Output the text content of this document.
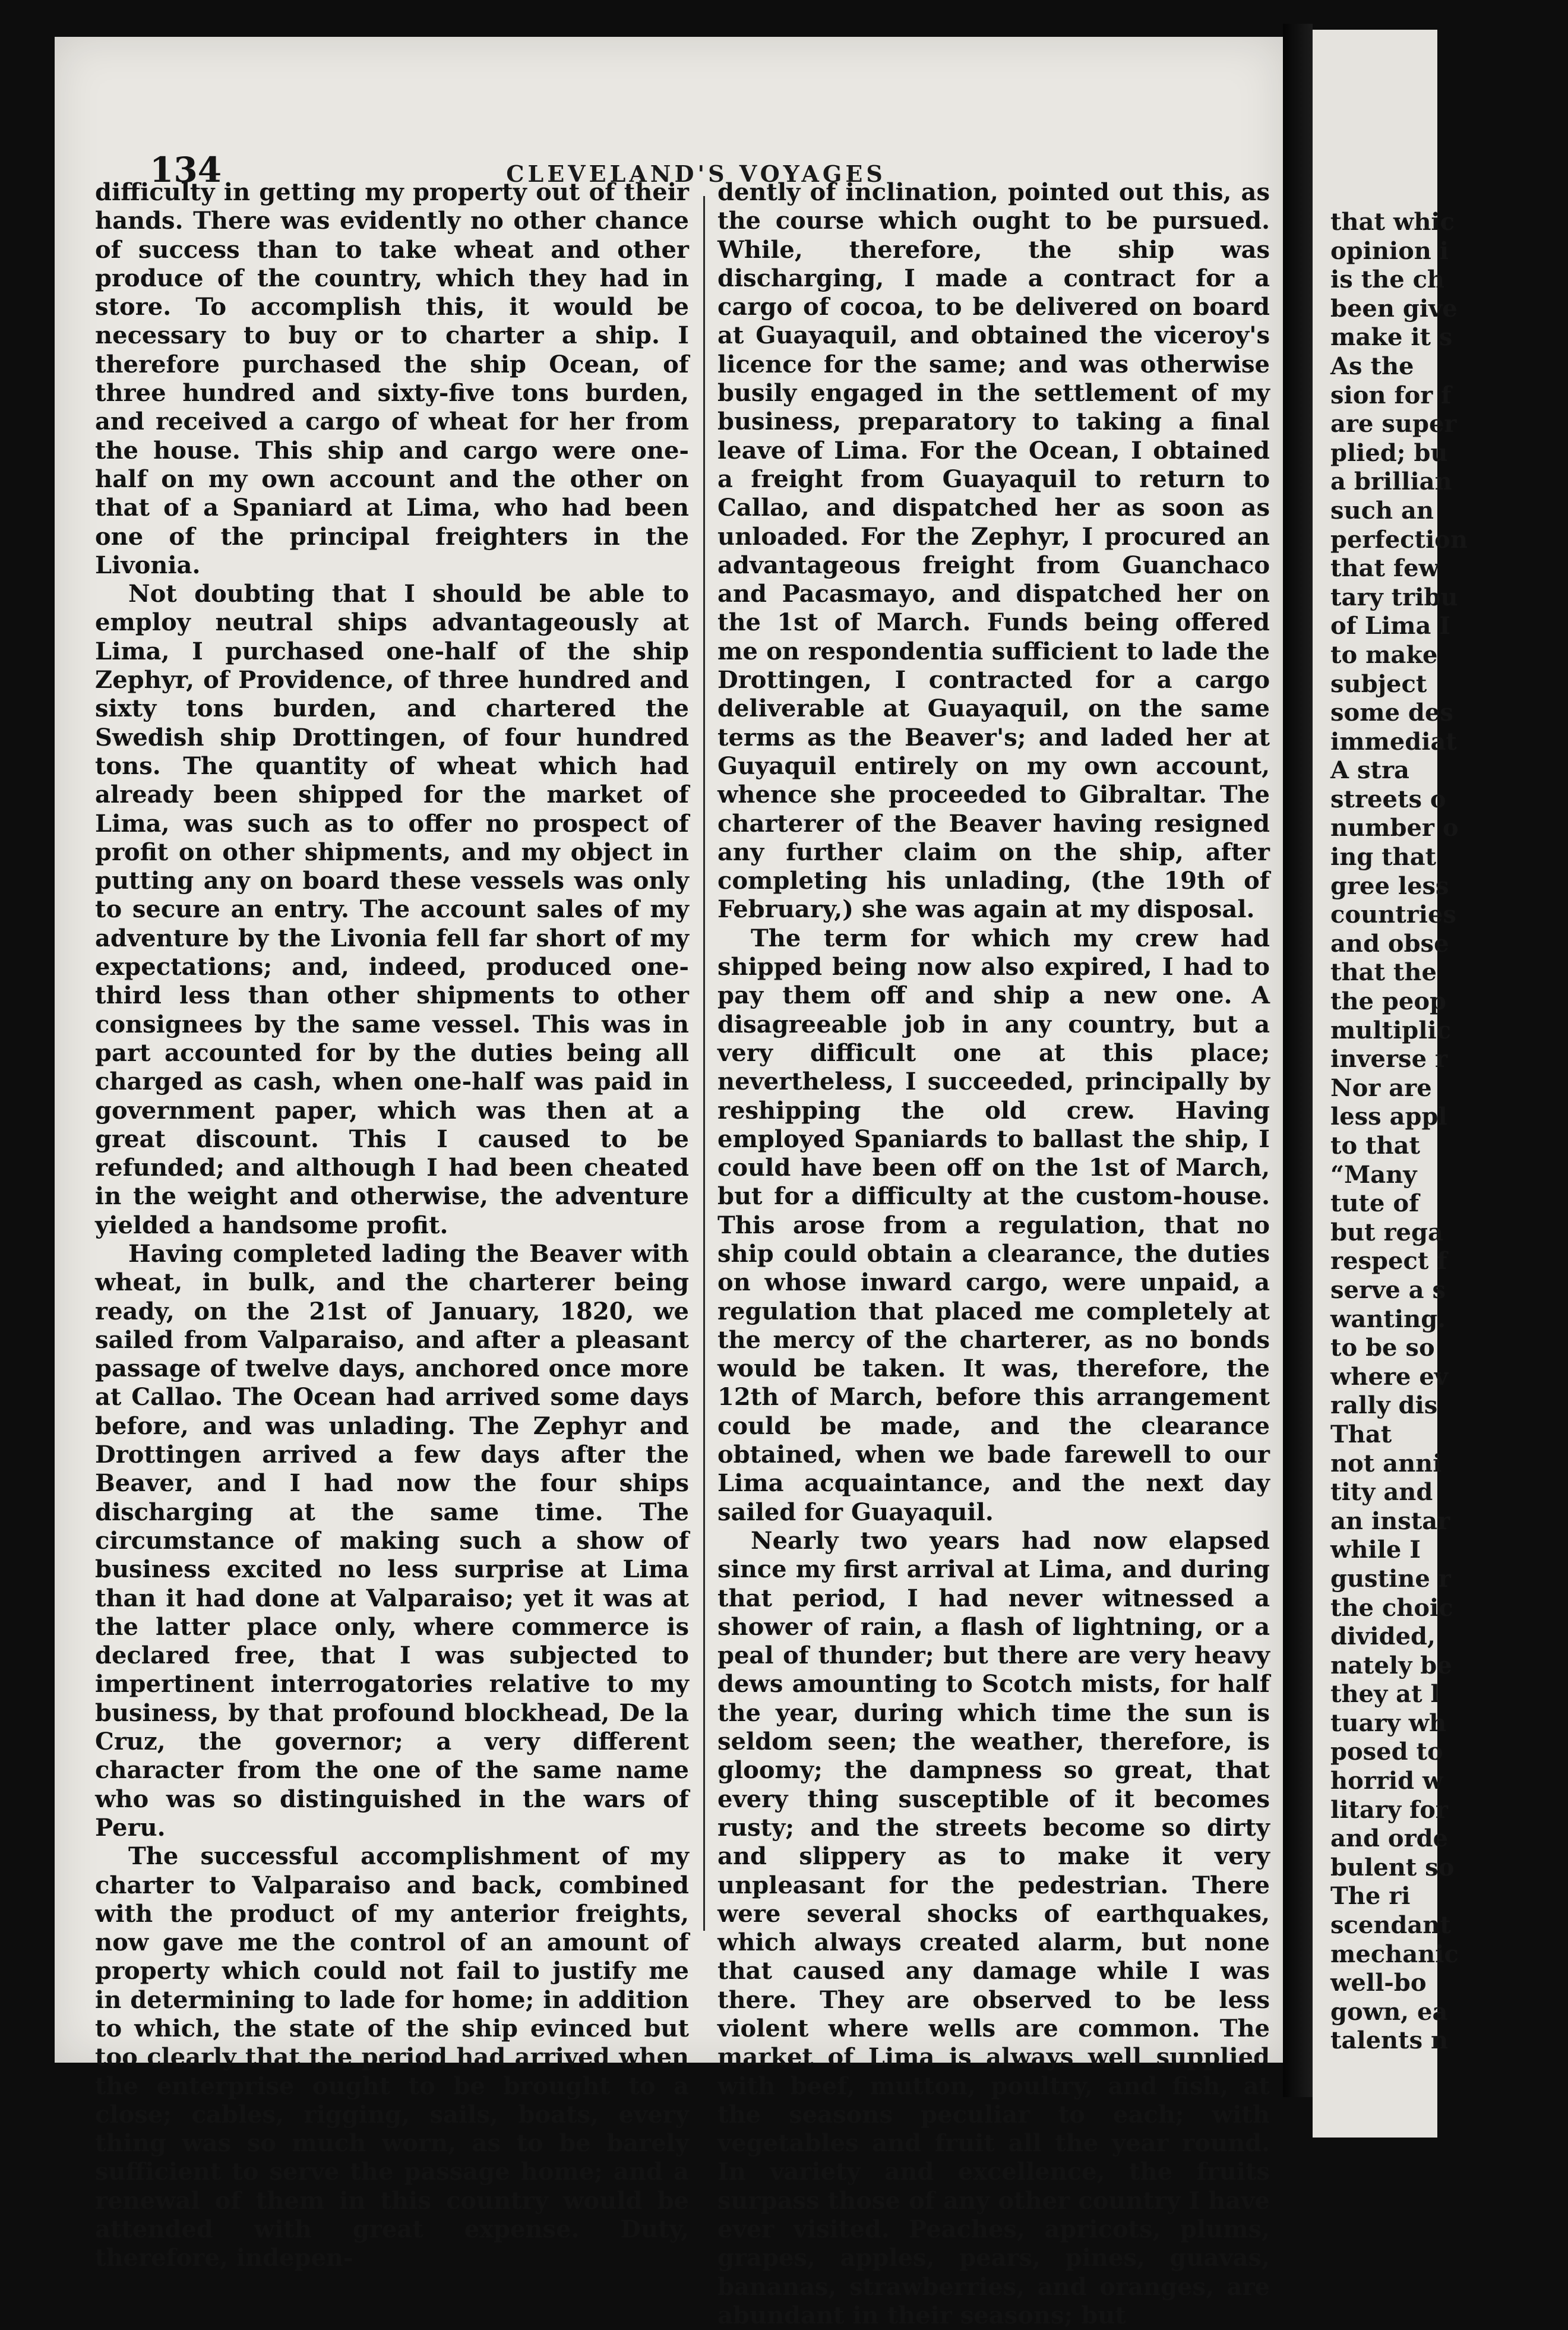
134	CLEVELAND'S VOYAGES

difficulty in getting my property out of their hands. There was evidently no other chance of success than to take wheat and other produce of the country, which they had in store. To accomplish this, it would be necessary to buy or to charter a ship. I therefore purchased the ship Ocean, of three hundred and sixty-five tons burden, and received a cargo of wheat for her from the house. This ship and cargo were one-half on my own account and the other on that of a Spaniard at Lima, who had been one of the principal freighters in the Livonia.

Not doubting that I should be able to employ neutral ships advantageously at Lima, I purchased one-half of the ship Zephyr, of Providence, of three hundred and sixty tons burden, and chartered the Swedish ship Drottingen, of four hundred tons. The quantity of wheat which had already been shipped for the market of Lima, was such as to offer no prospect of profit on other shipments, and my object in putting any on board these vessels was only to secure an entry. The account sales of my adventure by the Livonia fell far short of my expectations; and, indeed, produced one-third less than other shipments to other consignees by the same vessel. This was in part accounted for by the duties being all charged as cash, when one-half was paid in government paper, which was then at a great discount. This I caused to be refunded; and although I had been cheated in the weight and otherwise, the adventure yielded a handsome profit.

Having completed lading the Beaver with wheat, in bulk, and the charterer being ready, on the 21st of January, 1820, we sailed from Valparaiso, and after a pleasant passage of twelve days, anchored once more at Callao. The Ocean had arrived some days before, and was unlading. The Zephyr and Drottingen arrived a few days after the Beaver, and I had now the four ships discharging at the same time. The circumstance of making such a show of business excited no less surprise at Lima than it had done at Valparaiso; yet it was at the latter place only, where commerce is declared free, that I was subjected to impertinent interrogatories relative to my business, by that profound blockhead, De la Cruz, the governor; a very different character from the one of the same name who was so distinguished in the wars of Peru.

The successful accomplishment of my charter to Valparaiso and back, combined with the product of my anterior freights, now gave me the control of an amount of property which could not fail to justify me in determining to lade for home; in addition to which, the state of the ship evinced but too clearly that the period had arrived when the enterprise ought to be brought to a close; cables, rigging, sails, boats, every thing was so much worn, as to be barely sufficient to serve the passage home; and a renewal of them in this country would be attended with great expense. Duty, therefore, indepen-

dently of inclination, pointed out this, as the course which ought to be pursued. While, therefore, the ship was discharging, I made a contract for a cargo of cocoa, to be delivered on board at Guayaquil, and obtained the viceroy's licence for the same; and was otherwise busily engaged in the settlement of my business, preparatory to taking a final leave of Lima. For the Ocean, I obtained a freight from Guayaquil to return to Callao, and dispatched her as soon as unloaded. For the Zephyr, I procured an advantageous freight from Guanchaco and Pacasmayo, and dispatched her on the 1st of March. Funds being offered me on respondentia sufficient to lade the Drottingen, I contracted for a cargo deliverable at Guayaquil, on the same terms as the Beaver's; and laded her at Guyaquil entirely on my own account, whence she proceeded to Gibraltar. The charterer of the Beaver having resigned any further claim on the ship, after completing his unlading, (the 19th of February,) she was again at my disposal.

The term for which my crew had shipped being now also expired, I had to pay them off and ship a new one. A disagreeable job in any country, but a very difficult one at this place; nevertheless, I succeeded, principally by reshipping the old crew. Having employed Spaniards to ballast the ship, I could have been off on the 1st of March, but for a difficulty at the custom-house. This arose from a regulation, that no ship could obtain a clearance, the duties on whose inward cargo, were unpaid, a regulation that placed me completely at the mercy of the charterer, as no bonds would be taken. It was, therefore, the 12th of March, before this arrangement could be made, and the clearance obtained, when we bade farewell to our Lima acquaintance, and the next day sailed for Guayaquil.

Nearly two years had now elapsed since my first arrival at Lima, and during that period, I had never witnessed a shower of rain, a flash of lightning, or a peal of thunder; but there are very heavy dews amounting to Scotch mists, for half the year, during which time the sun is seldom seen; the weather, therefore, is gloomy; the dampness so great, that every thing susceptible of it becomes rusty; and the streets become so dirty and slippery as to make it very unpleasant for the pedestrian. There were several shocks of earthquakes, which always created alarm, but none that caused any damage while I was there. They are observed to be less violent where wells are common. The market of Lima is always well supplied with beef, mutton, poultry, and fish, at the seasons peculiar to each; with vegetables and fruit all the year round. In variety and excellence, the fruits surpass those of any other country I have ever visited. Peaches, apricots, plums, grapes, apples, pears, pines, guavas, bananas, strawberries, and oranges, are abundant in their seasons; but

that whic
opinion i
is the ch
been give
make it s
As the
sion for f
are super
plied; bu
a brillian
such an
perfection
that few
tary tribu
of Lima I
to make
subject
some des
immediat
A stra
streets o
number o
ing that
gree less
countries
and obse
that the
the peop
multiplic
inverse r
Nor are
less appl
to that
“Many
tute of
but rega
respect f
serve a s
wanting.
to be so
where ev
rally dis
That
not anni
tity and
an instar
while I
gustine r
the choic
divided,
nately be
they at l
tuary wh
posed to
horrid w
litary for
and orde
bulent so
The ri
scendant
mechanic
well-bo
gown, ea
talents n
